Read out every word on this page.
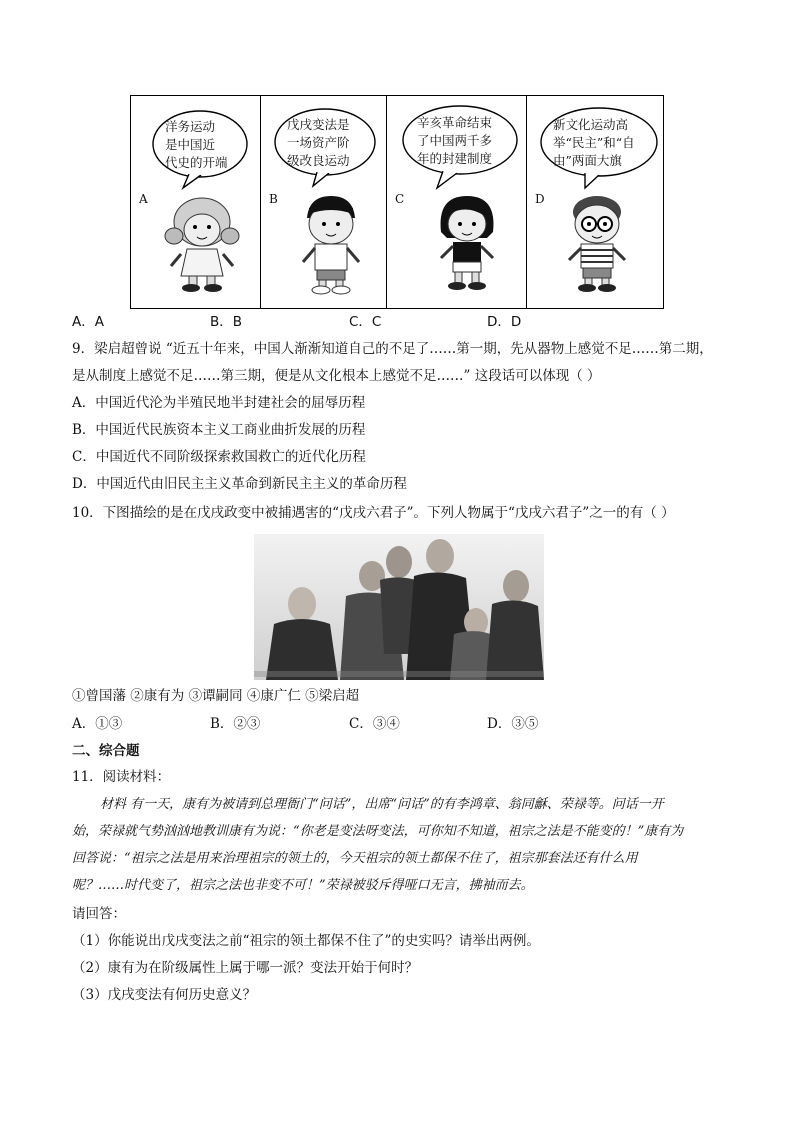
洋务运动
是中国近
代史的开端
A
戊戌变法是
一场资产阶
级改良运动
B
辛亥革命结束
了中国两千多
年的封建制度
C
新文化运动高
举“民主”和“自
由”两面大旗
D
A．A	B．B	C．C	D．D
9．梁启超曾说 “近五十年来，中国人渐渐知道自己的不足了……第一期，先从器物上感觉不足……第二期，
是从制度上感觉不足……第三期，便是从文化根本上感觉不足……” 这段话可以体现（ ）
A．中国近代沦为半殖民地半封建社会的屈辱历程
B．中国近代民族资本主义工商业曲折发展的历程
C．中国近代不同阶级探索救国救亡的近代化历程
D．中国近代由旧民主主义革命到新民主主义的革命历程
10．下图描绘的是在戊戌政变中被捕遇害的“戊戌六君子”。下列人物属于“戊戌六君子”之一的有（ ）
①曾国藩 ②康有为 ③谭嗣同 ④康广仁 ⑤梁启超
A．①③	B．②③	C．③④	D．③⑤
二、综合题
11．阅读材料：
材料 有一天，康有为被请到总理衙门“问话”，出席“问话”的有李鸿章、翁同龢、荣禄等。问话一开
始，荣禄就气势汹汹地教训康有为说：“你老是变法呀变法，可你知不知道，祖宗之法是不能变的！”康有为
回答说：“祖宗之法是用来治理祖宗的领土的，今天祖宗的领土都保不住了，祖宗那套法还有什么用
呢？……时代变了，祖宗之法也非变不可！”荣禄被驳斥得哑口无言，拂袖而去。
请回答：
（1）你能说出戊戌变法之前“祖宗的领土都保不住了”的史实吗？请举出两例。
（2）康有为在阶级属性上属于哪一派？变法开始于何时？
（3）戊戌变法有何历史意义？
